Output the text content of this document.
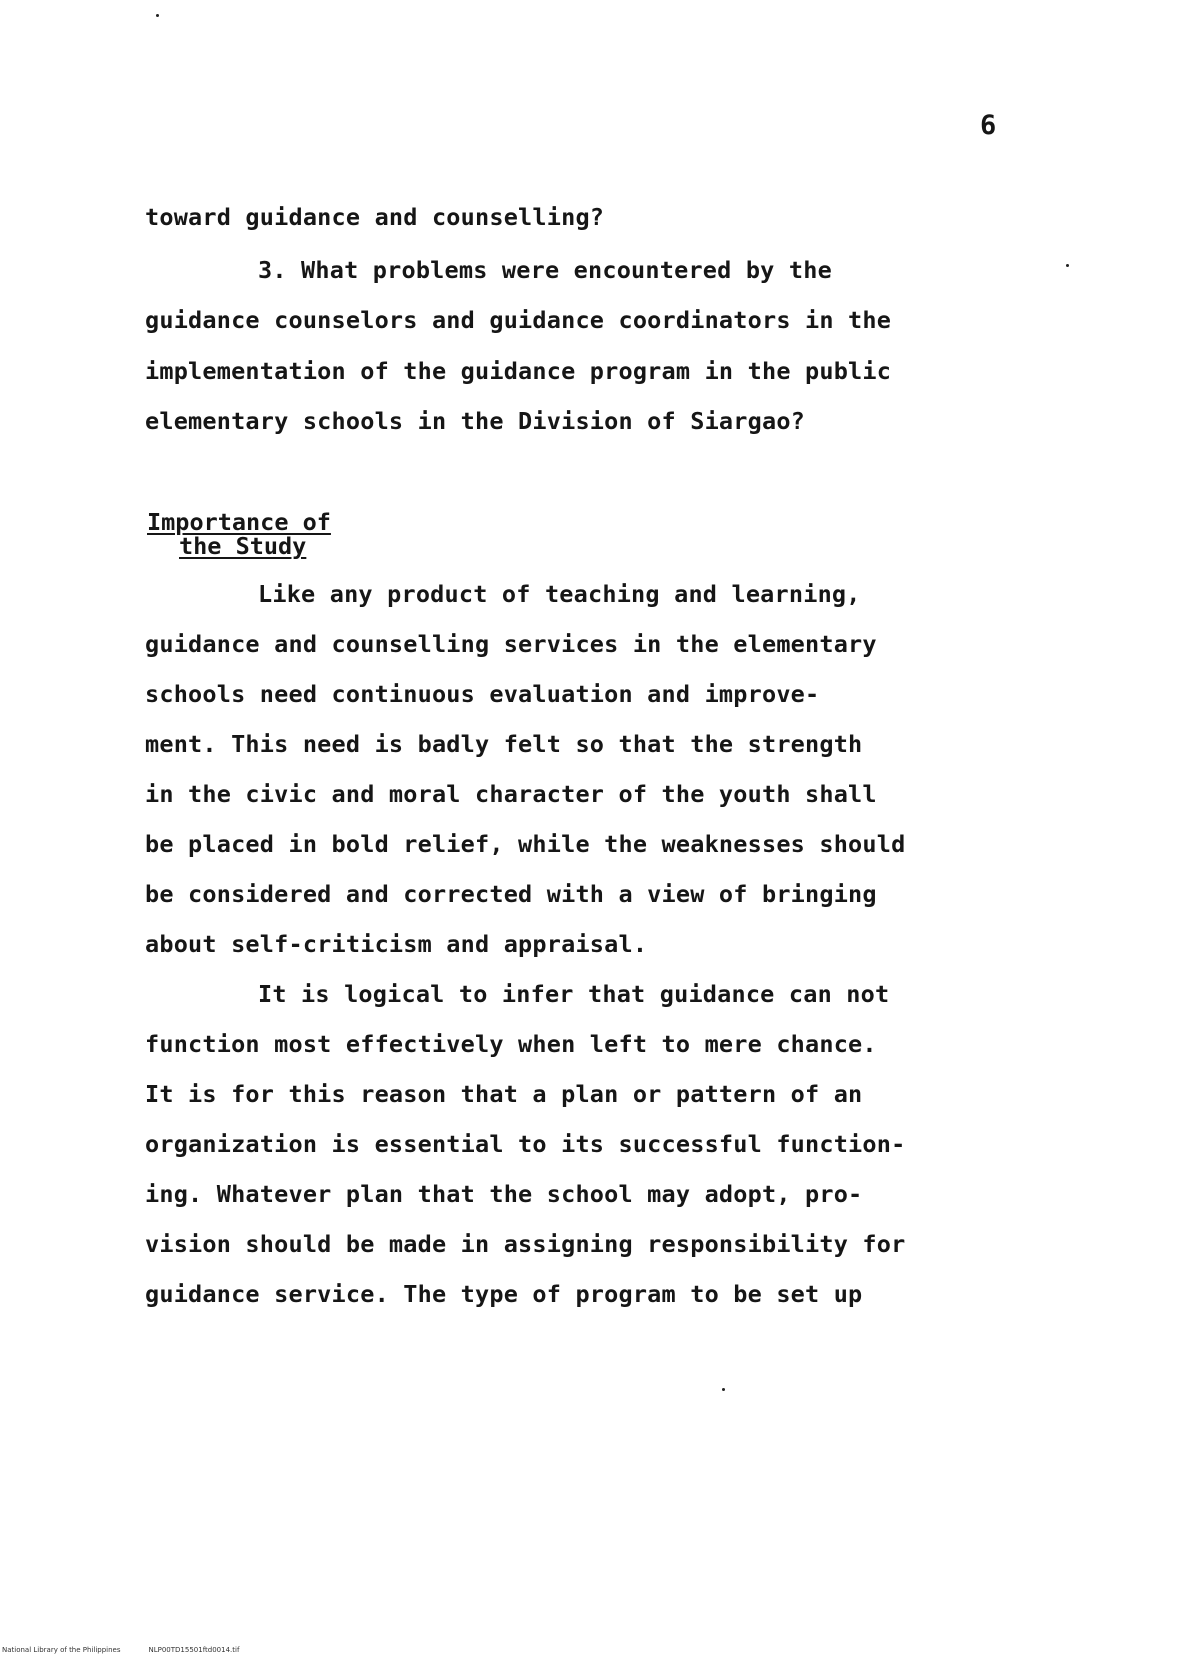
6
toward guidance and counselling?
3. What problems were encountered by the
guidance counselors and guidance coordinators in the
implementation of the guidance program in the public
elementary schools in the Division of Siargao?
Importance of
the Study
Like any product of teaching and learning,
guidance and counselling services in the elementary
schools need continuous evaluation and improve-
ment. This need is badly felt so that the strength
in the civic and moral character of the youth shall
be placed in bold relief, while the weaknesses should
be considered and corrected with a view of bringing
about self-criticism and appraisal.
It is logical to infer that guidance can not
function most effectively when left to mere chance.
It is for this reason that a plan or pattern of an
organization is essential to its successful function-
ing. Whatever plan that the school may adopt, pro-
vision should be made in assigning responsibility for
guidance service. The type of program to be set up
National Library of the Philippines	NLP00TD15501ftd0014.tif
